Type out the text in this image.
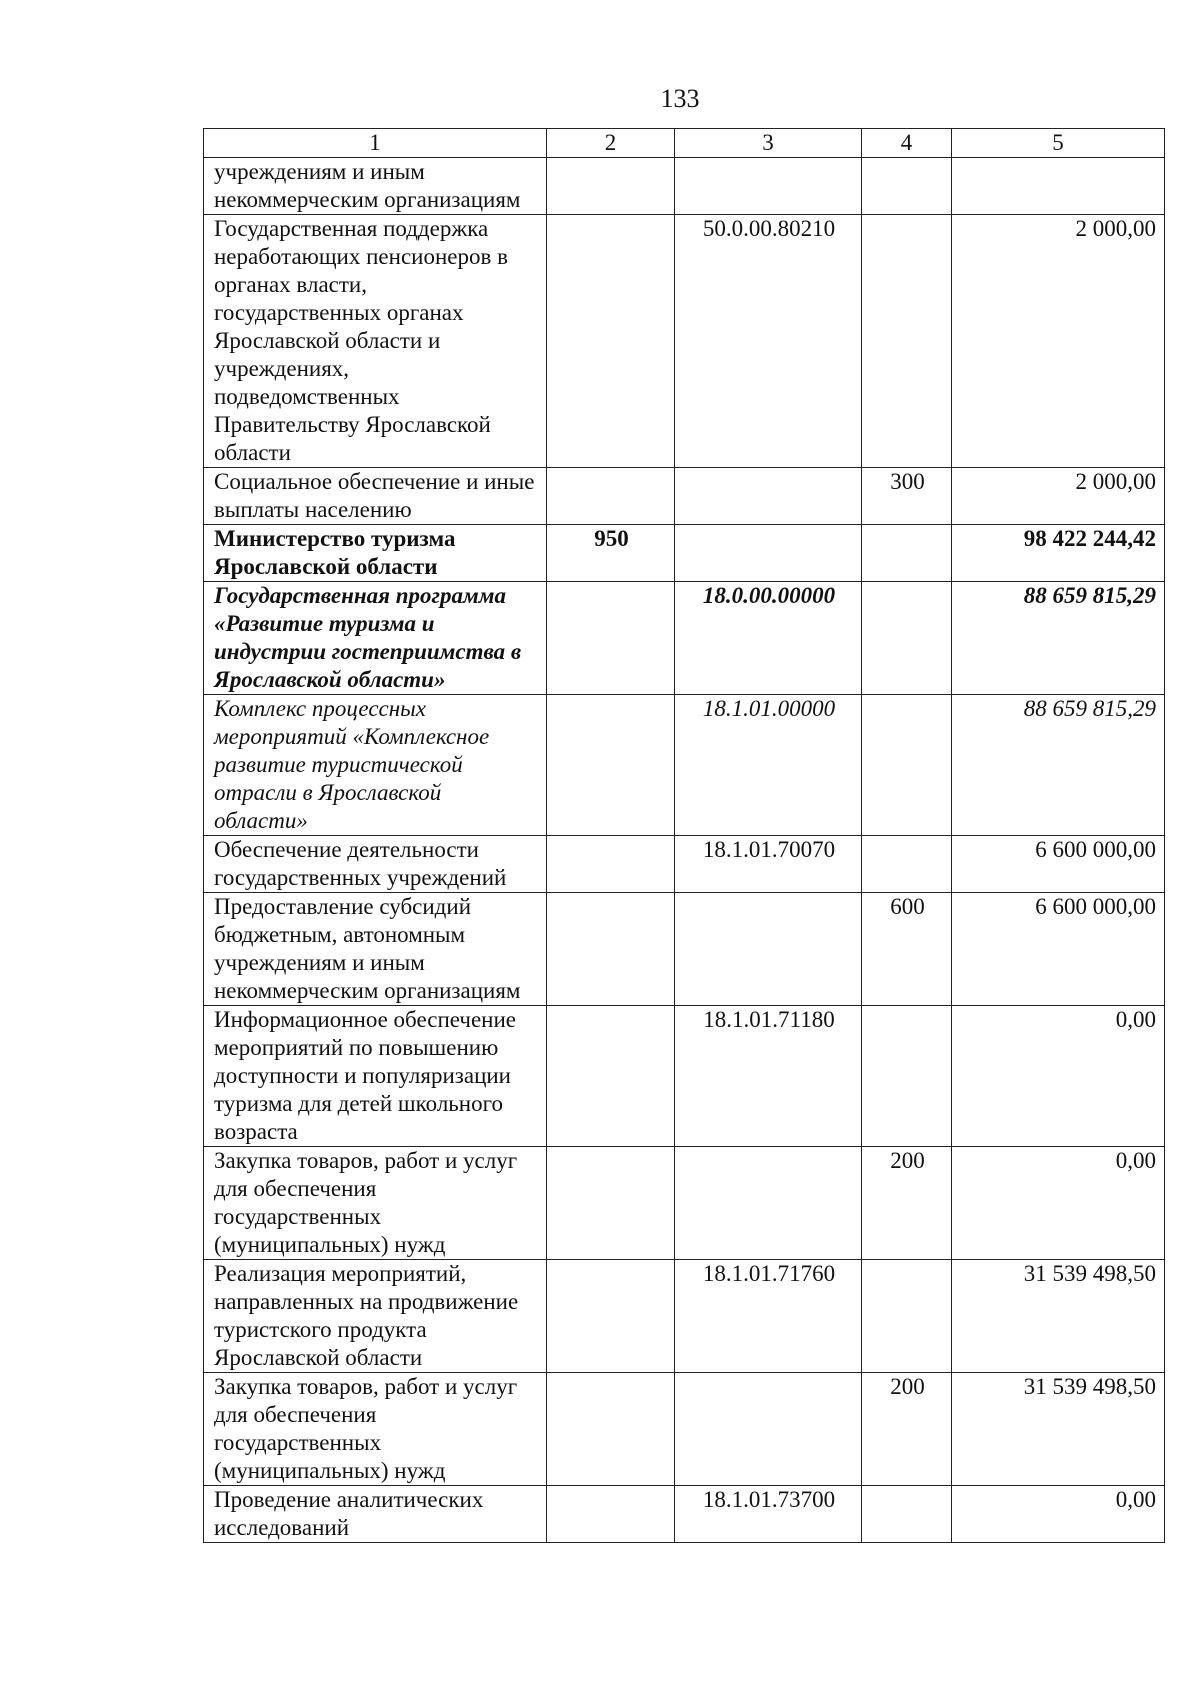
133
1	2	3	4	5
учреждениям и иным некоммерческим организациям				
Государственная поддержка неработающих пенсионеров в органах власти, государственных органах Ярославской области и учреждениях, подведомственных Правительству Ярославской области		50.0.00.80210		2 000,00
Социальное обеспечение и иные выплаты населению			300	2 000,00
Министерство туризма Ярославской области	950			98 422 244,42
Государственная программа «Развитие туризма и индустрии гостеприимства в Ярославской области»		18.0.00.00000		88 659 815,29
Комплекс процессных мероприятий «Комплексное развитие туристической отрасли в Ярославской области»		18.1.01.00000		88 659 815,29
Обеспечение деятельности государственных учреждений		18.1.01.70070		6 600 000,00
Предоставление субсидий бюджетным, автономным учреждениям и иным некоммерческим организациям			600	6 600 000,00
Информационное обеспечение мероприятий по повышению доступности и популяризации туризма для детей школьного возраста		18.1.01.71180		0,00
Закупка товаров, работ и услуг для обеспечения государственных (муниципальных) нужд			200	0,00
Реализация мероприятий, направленных на продвижение туристского продукта Ярославской области		18.1.01.71760		31 539 498,50
Закупка товаров, работ и услуг для обеспечения государственных (муниципальных) нужд			200	31 539 498,50
Проведение аналитических исследований		18.1.01.73700		0,00
